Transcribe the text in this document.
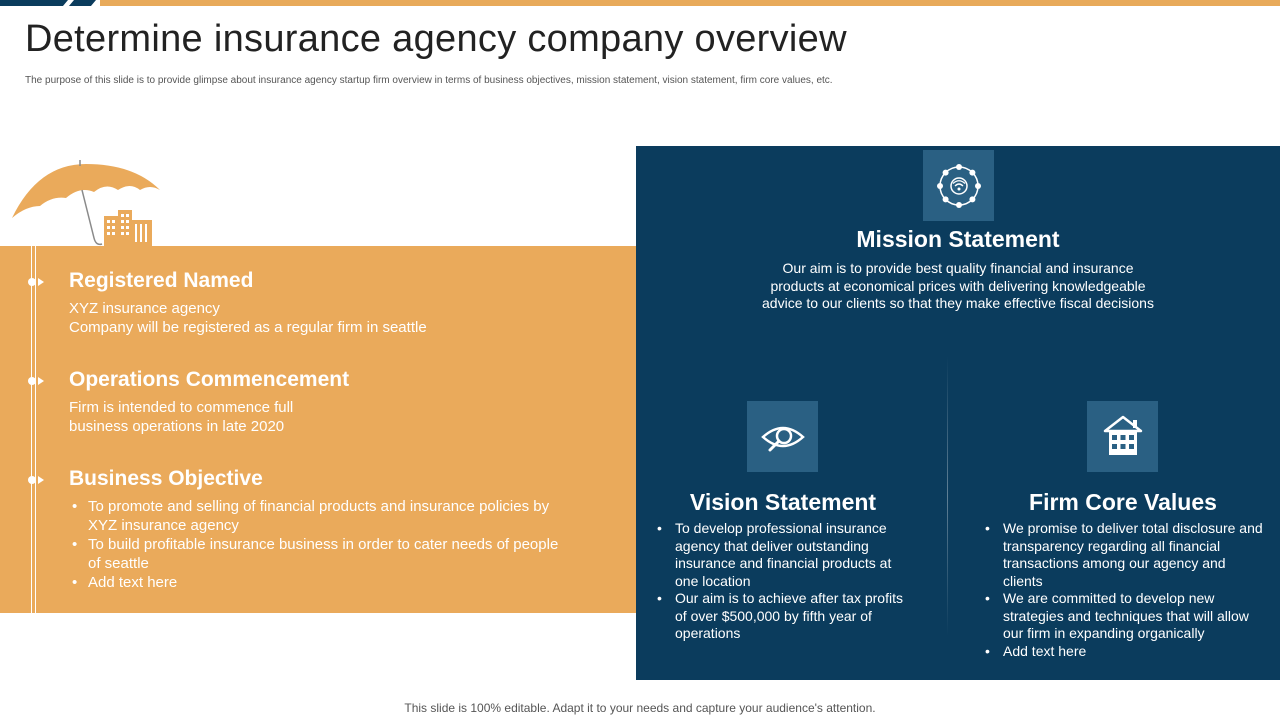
Determine insurance agency company overview
The purpose of this slide is to provide glimpse about insurance agency startup firm overview in terms of business objectives, mission statement, vision statement, firm core values, etc.
Registered Named
XYZ insurance agency
Company will be registered as a regular firm in seattle
Operations Commencement
Firm is intended to commence full
business operations in late 2020
Business Objective
• To promote and selling of financial products and insurance policies by XYZ insurance agency
• To build profitable insurance business in order to cater needs of people of seattle
• Add text here
Mission Statement
Our aim is to provide best quality financial and insurance products at economical prices with delivering knowledgeable advice to our clients so that they make effective fiscal decisions
Vision Statement
• To develop professional insurance agency that deliver outstanding insurance and financial products at one location
• Our aim is to achieve after tax profits of over $500,000 by fifth year of operations
Firm Core Values
• We promise to deliver total disclosure and transparency regarding all financial transactions among our agency and clients
• We are committed to develop new strategies and techniques that will allow our firm in expanding organically
• Add text here
This slide is 100% editable. Adapt it to your needs and capture your audience's attention.
